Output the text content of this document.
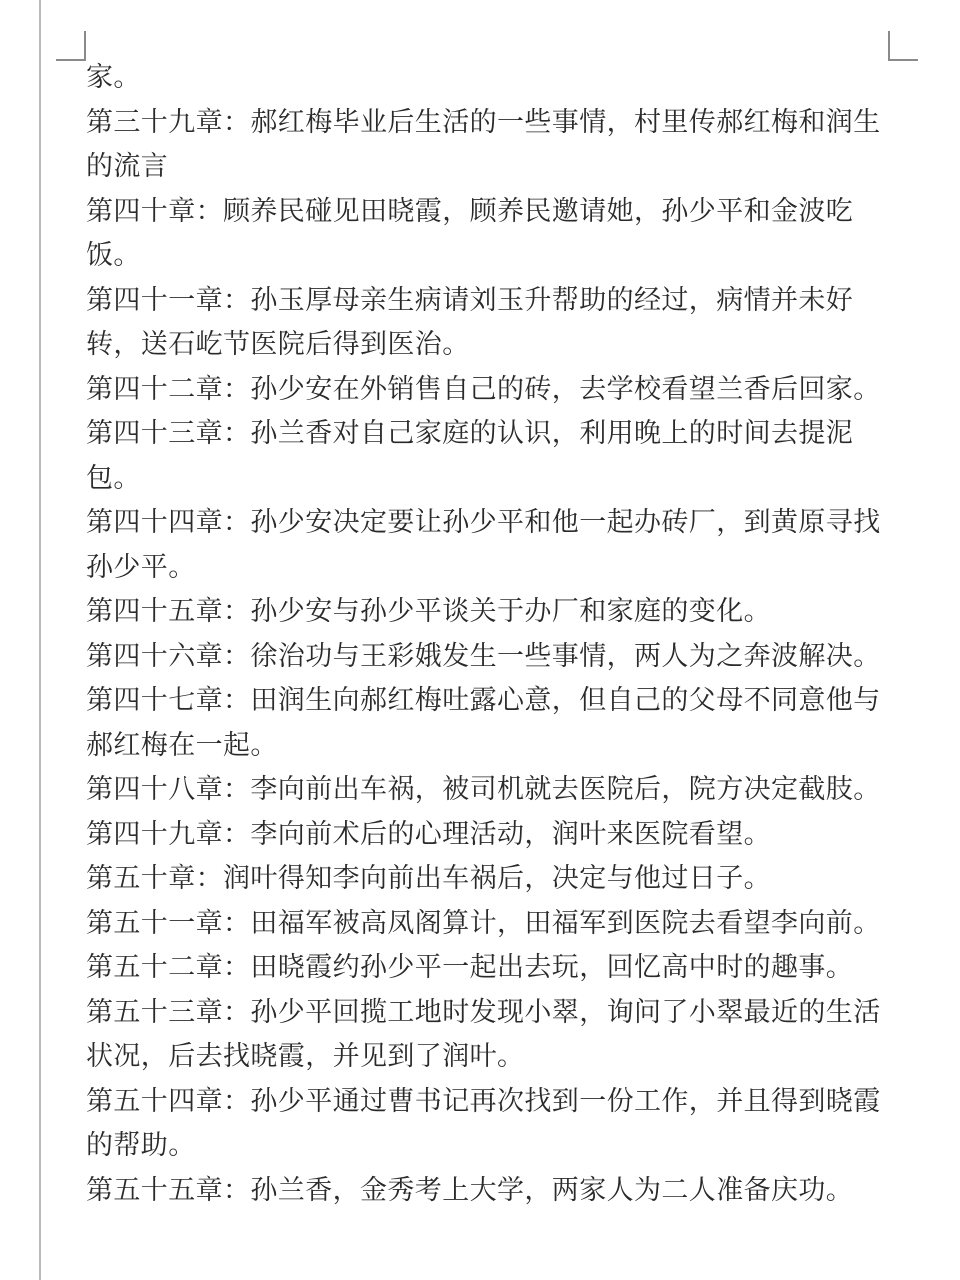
家。

第三十九章：郝红梅毕业后生活的一些事情，村里传郝红梅和润生

的流言

第四十章：顾养民碰见田晓霞，顾养民邀请她，孙少平和金波吃

饭。

第四十一章：孙玉厚母亲生病请刘玉升帮助的经过，病情并未好

转，送石屹节医院后得到医治。

第四十二章：孙少安在外销售自己的砖，去学校看望兰香后回家。

第四十三章：孙兰香对自己家庭的认识，利用晚上的时间去提泥

包。

第四十四章：孙少安决定要让孙少平和他一起办砖厂，到黄原寻找

孙少平。

第四十五章：孙少安与孙少平谈关于办厂和家庭的变化。

第四十六章：徐治功与王彩娥发生一些事情，两人为之奔波解决。

第四十七章：田润生向郝红梅吐露心意，但自己的父母不同意他与

郝红梅在一起。

第四十八章：李向前出车祸，被司机就去医院后，院方决定截肢。

第四十九章：李向前术后的心理活动，润叶来医院看望。

第五十章：润叶得知李向前出车祸后，决定与他过日子。

第五十一章：田福军被高凤阁算计，田福军到医院去看望李向前。

第五十二章：田晓霞约孙少平一起出去玩，回忆高中时的趣事。

第五十三章：孙少平回揽工地时发现小翠，询问了小翠最近的生活

状况，后去找晓霞，并见到了润叶。

第五十四章：孙少平通过曹书记再次找到一份工作，并且得到晓霞

的帮助。

第五十五章：孙兰香，金秀考上大学，两家人为二人准备庆功。
